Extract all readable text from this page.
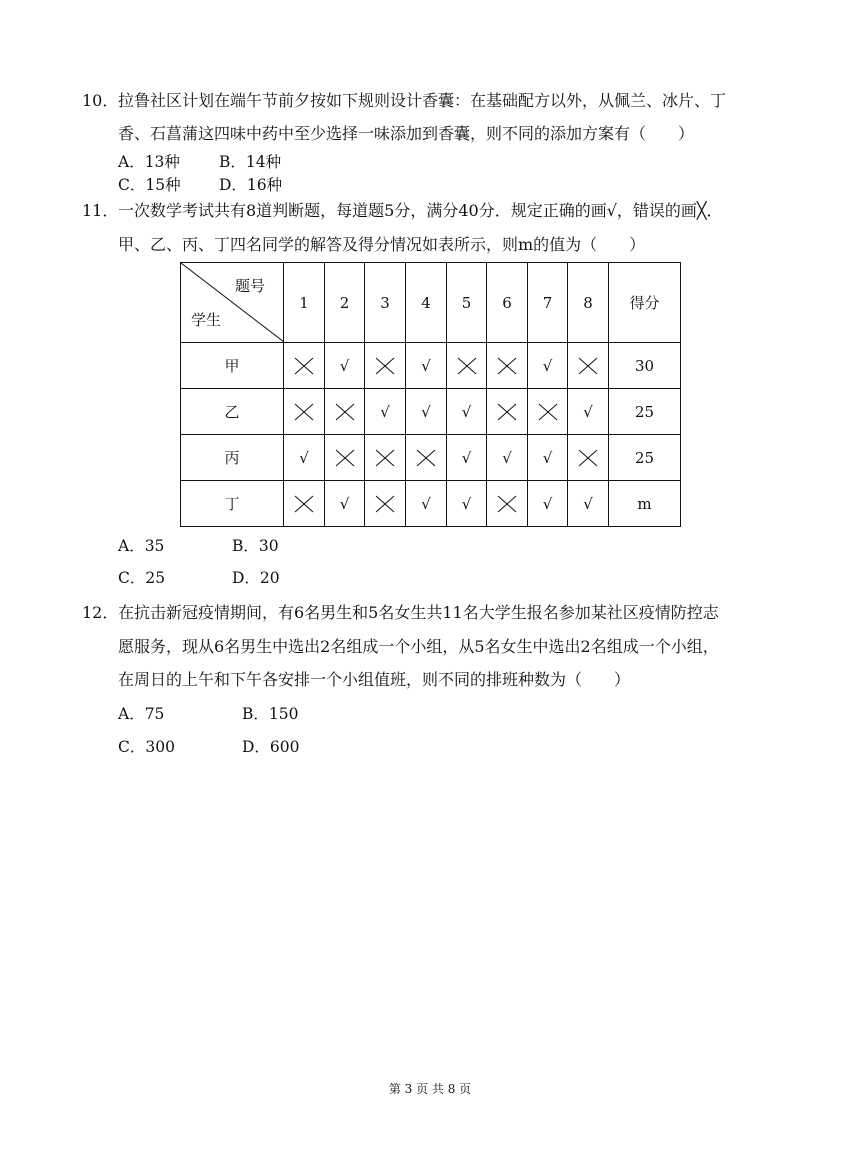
10． 拉鲁社区计划在端午节前夕按如下规则设计香囊：在基础配方以外，从佩兰、冰片、丁
香、石菖蒲这四味中药中至少选择一味添加到香囊，则不同的添加方案有（　　）
A．13种	B．14种
C．15种 D．16种
11． 一次数学考试共有8道判断题，每道题5分，满分40分．规定正确的画√，错误的画╳．
甲、乙、丙、丁四名同学的解答及得分情况如表所示，则m的值为（　　）
题号
学生	1	2	3	4	5	6	7	8	得分
甲		√		√			√		30
乙			√	√	√			√	25
丙	√				√	√	√		25
丁		√		√	√		√	√	m
A．35	B．30
C．25	D．20
12． 在抗击新冠疫情期间，有6名男生和5名女生共11名大学生报名参加某社区疫情防控志
愿服务，现从6名男生中选出2名组成一个小组，从5名女生中选出2名组成一个小组，
在周日的上午和下午各安排一个小组值班，则不同的排班种数为（　　）
A．75	B．150
C．300	D．600
第 3 页 共 8 页
